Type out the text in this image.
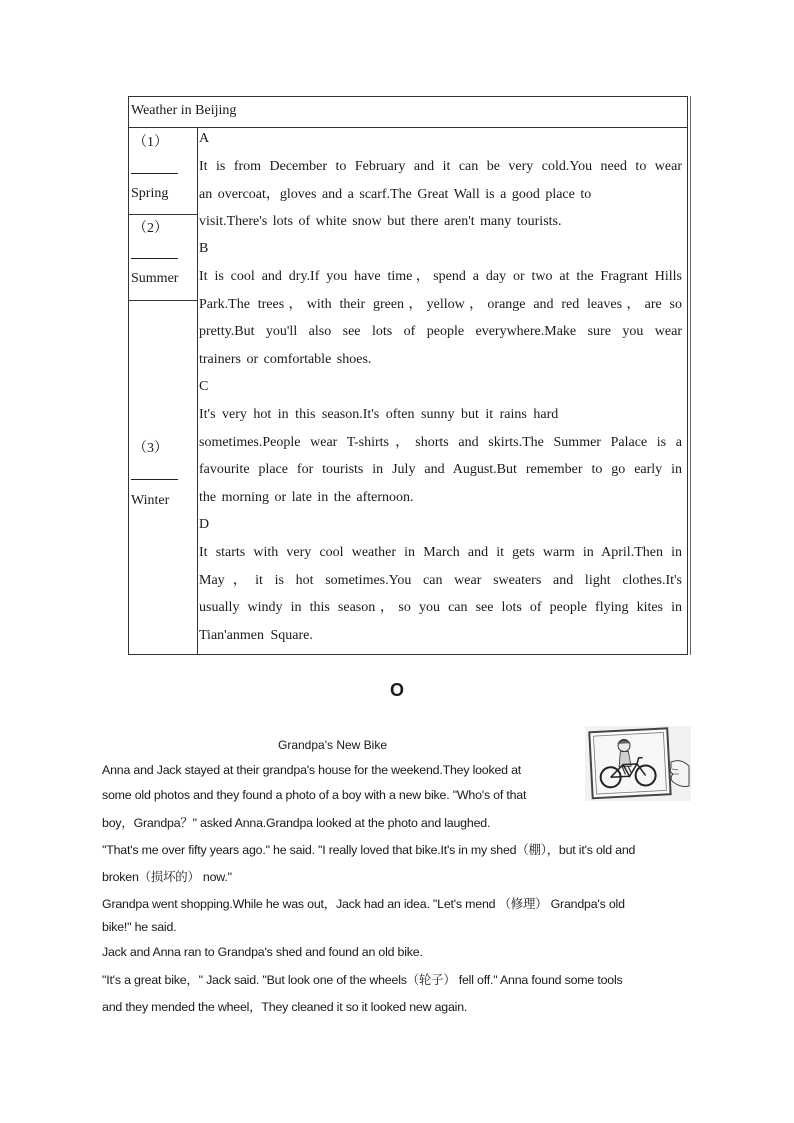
Weather in Beijing
（1）
Spring
（2）
Summer
（3）
Winter
A
It is from December to February and it can be very cold.You need to wear
an overcoat，gloves and a scarf.The Great Wall is a good place to
visit.There's lots of white snow but there aren't many tourists.
B
It is cool and dry.If you have time，spend a day or two at the Fragrant Hills
Park.The trees，with their green，yellow，orange and red leaves，are so
pretty.But you'll also see lots of people everywhere.Make sure you wear
trainers or comfortable shoes.
C
It's very hot in this season.It's often sunny but it rains hard
sometimes.People wear T-shirts，shorts and skirts.The Summer Palace is a
favourite place for tourists in July and August.But remember to go early in
the morning or late in the afternoon.
D
It starts with very cool weather in March and it gets warm in April.Then in
May，it is hot sometimes.You can wear sweaters and light clothes.It's
usually windy in this season，so you can see lots of people flying kites in
Tian'anmen Square.
O
Grandpa's New Bike
Anna and Jack stayed at their grandpa's house for the weekend.They looked at
some old photos and they found a photo of a boy with a new bike. "Who's of that
boy，Grandpa？" asked Anna.Grandpa looked at the photo and laughed.
"That's me over fifty years ago." he said. "I really loved that bike.It's in my shed（棚），but it's old and
broken（损坏的） now."
Grandpa went shopping.While he was out，Jack had an idea. "Let's mend （修理） Grandpa's old
bike!" he said.
Jack and Anna ran to Grandpa's shed and found an old bike.
"It's a great bike，" Jack said. "But look one of the wheels（轮子） fell off." Anna found some tools
and they mended the wheel，They cleaned it so it looked new again.
